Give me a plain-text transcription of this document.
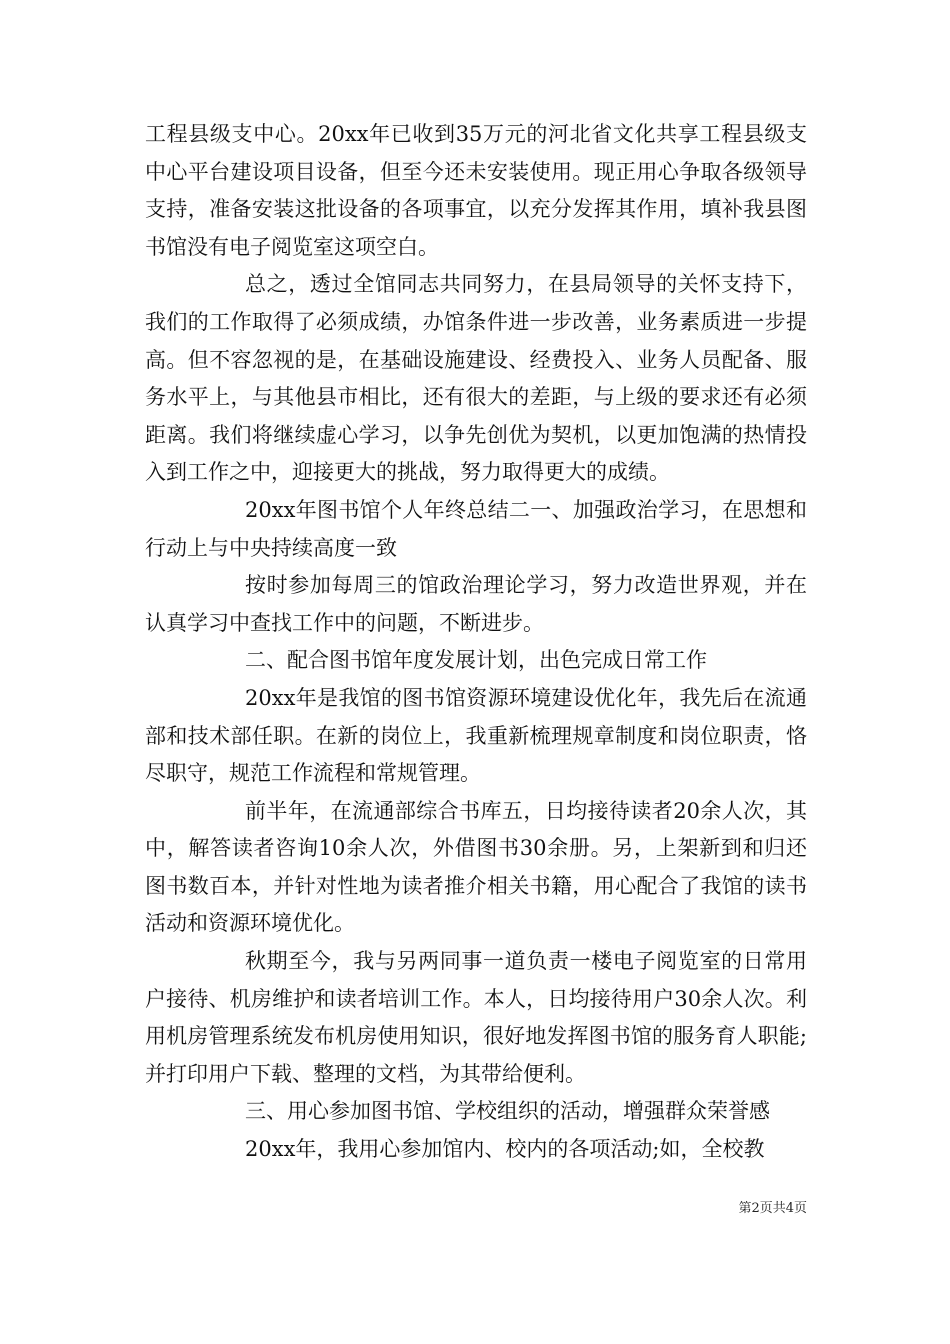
工程县级支中心。20xx年已收到35万元的河北省文化共享工程县级支中心平台建设项目设备，但至今还未安装使用。现正用心争取各级领导支持，准备安装这批设备的各项事宜，以充分发挥其作用，填补我县图书馆没有电子阅览室这项空白。

总之，透过全馆同志共同努力，在县局领导的关怀支持下，我们的工作取得了必须成绩，办馆条件进一步改善，业务素质进一步提高。但不容忽视的是，在基础设施建设、经费投入、业务人员配备、服务水平上，与其他县市相比，还有很大的差距，与上级的要求还有必须距离。我们将继续虚心学习，以争先创优为契机，以更加饱满的热情投入到工作之中，迎接更大的挑战，努力取得更大的成绩。

20xx年图书馆个人年终总结二一、加强政治学习，在思想和行动上与中央持续高度一致

按时参加每周三的馆政治理论学习，努力改造世界观，并在认真学习中查找工作中的问题，不断进步。

二、配合图书馆年度发展计划，出色完成日常工作

20xx年是我馆的图书馆资源环境建设优化年，我先后在流通部和技术部任职。在新的岗位上，我重新梳理规章制度和岗位职责，恪尽职守，规范工作流程和常规管理。

前半年，在流通部综合书库五，日均接待读者20余人次，其中，解答读者咨询10余人次，外借图书30余册。另，上架新到和归还图书数百本，并针对性地为读者推介相关书籍，用心配合了我馆的读书活动和资源环境优化。

秋期至今，我与另两同事一道负责一楼电子阅览室的日常用户接待、机房维护和读者培训工作。本人，日均接待用户30余人次。利用机房管理系统发布机房使用知识，很好地发挥图书馆的服务育人职能;并打印用户下载、整理的文档，为其带给便利。

三、用心参加图书馆、学校组织的活动，增强群众荣誉感

20xx年，我用心参加馆内、校内的各项活动;如，全校教

第2页共4页
